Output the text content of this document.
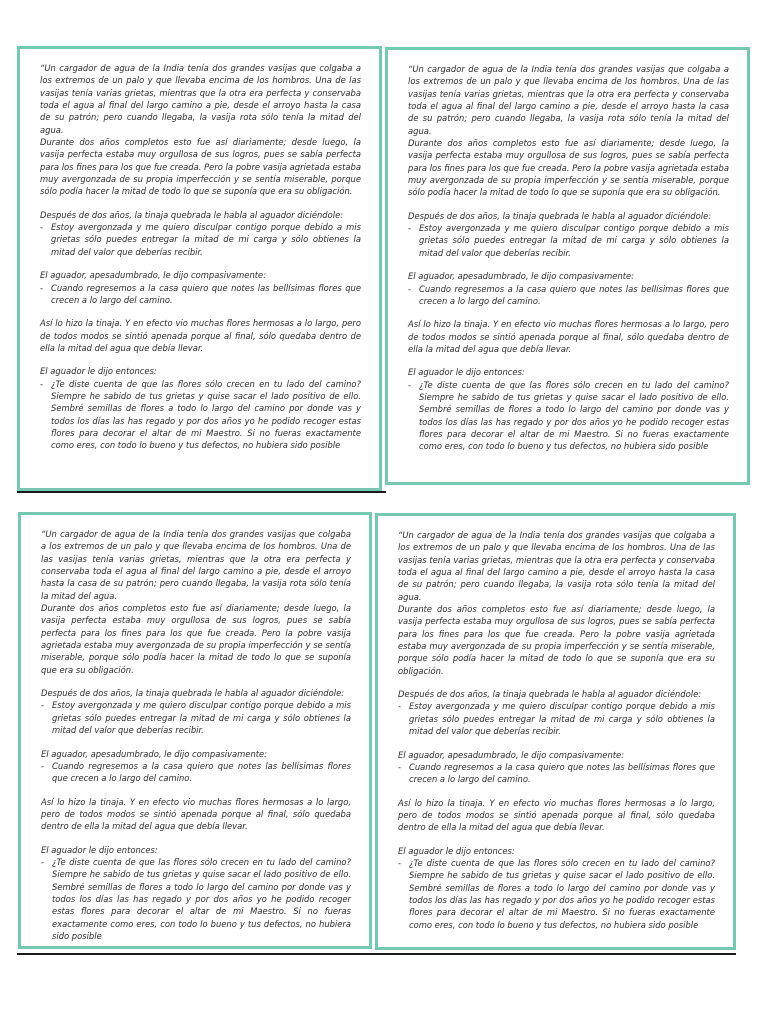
“Un cargador de agua de la India tenía dos grandes vasijas que colgaba a los extremos de un palo y que llevaba encima de los hombros. Una de las vasijas tenía varias grietas, mientras que la otra era perfecta y conservaba toda el agua al final del largo camino a pie, desde el arroyo hasta la casa de su patrón; pero cuando llegaba, la vasija rota sólo tenía la mitad del agua.

Durante dos años completos esto fue así diariamente; desde luego, la vasija perfecta estaba muy orgullosa de sus logros, pues se sabía perfecta para los fines para los que fue creada. Pero la pobre vasija agrietada estaba muy avergonzada de su propia imperfección y se sentía miserable, porque sólo podía hacer la mitad de todo lo que se suponía que era su obligación.

Después de dos años, la tinaja quebrada le habla al aguador diciéndole:

- Estoy avergonzada y me quiero disculpar contigo porque debido a mis grietas sólo puedes entregar la mitad de mi carga y sólo obtienes la mitad del valor que deberías recibir.

El aguador, apesadumbrado, le dijo compasivamente:

- Cuando regresemos a la casa quiero que notes las bellísimas flores que crecen a lo largo del camino.

Así lo hizo la tinaja. Y en efecto vio muchas flores hermosas a lo largo, pero de todos modos se sintió apenada porque al final, sólo quedaba dentro de ella la mitad del agua que debía llevar.

El aguador le dijo entonces:

- ¿Te diste cuenta de que las flores sólo crecen en tu lado del camino? Siempre he sabido de tus grietas y quise sacar el lado positivo de ello. Sembré semillas de flores a todo lo largo del camino por donde vas y todos los días las has regado y por dos años yo he podido recoger estas flores para decorar el altar de mi Maestro. Si no fueras exactamente como eres, con todo lo bueno y tus defectos, no hubiera sido posible

“Un cargador de agua de la India tenía dos grandes vasijas que colgaba a los extremos de un palo y que llevaba encima de los hombros. Una de las vasijas tenía varias grietas, mientras que la otra era perfecta y conservaba toda el agua al final del largo camino a pie, desde el arroyo hasta la casa de su patrón; pero cuando llegaba, la vasija rota sólo tenía la mitad del agua.

Durante dos años completos esto fue así diariamente; desde luego, la vasija perfecta estaba muy orgullosa de sus logros, pues se sabía perfecta para los fines para los que fue creada. Pero la pobre vasija agrietada estaba muy avergonzada de su propia imperfección y se sentía miserable, porque sólo podía hacer la mitad de todo lo que se suponía que era su obligación.

Después de dos años, la tinaja quebrada le habla al aguador diciéndole:

- Estoy avergonzada y me quiero disculpar contigo porque debido a mis grietas sólo puedes entregar la mitad de mi carga y sólo obtienes la mitad del valor que deberías recibir.

El aguador, apesadumbrado, le dijo compasivamente:

- Cuando regresemos a la casa quiero que notes las bellísimas flores que crecen a lo largo del camino.

Así lo hizo la tinaja. Y en efecto vio muchas flores hermosas a lo largo, pero de todos modos se sintió apenada porque al final, sólo quedaba dentro de ella la mitad del agua que debía llevar.

El aguador le dijo entonces:

- ¿Te diste cuenta de que las flores sólo crecen en tu lado del camino? Siempre he sabido de tus grietas y quise sacar el lado positivo de ello. Sembré semillas de flores a todo lo largo del camino por donde vas y todos los días las has regado y por dos años yo he podido recoger estas flores para decorar el altar de mi Maestro. Si no fueras exactamente como eres, con todo lo bueno y tus defectos, no hubiera sido posible

“Un cargador de agua de la India tenía dos grandes vasijas que colgaba a los extremos de un palo y que llevaba encima de los hombros. Una de las vasijas tenía varias grietas, mientras que la otra era perfecta y conservaba toda el agua al final del largo camino a pie, desde el arroyo hasta la casa de su patrón; pero cuando llegaba, la vasija rota sólo tenía la mitad del agua.

Durante dos años completos esto fue así diariamente; desde luego, la vasija perfecta estaba muy orgullosa de sus logros, pues se sabía perfecta para los fines para los que fue creada. Pero la pobre vasija agrietada estaba muy avergonzada de su propia imperfección y se sentía miserable, porque sólo podía hacer la mitad de todo lo que se suponía que era su obligación.

Después de dos años, la tinaja quebrada le habla al aguador diciéndole:

- Estoy avergonzada y me quiero disculpar contigo porque debido a mis grietas sólo puedes entregar la mitad de mi carga y sólo obtienes la mitad del valor que deberías recibir.

El aguador, apesadumbrado, le dijo compasivamente:

- Cuando regresemos a la casa quiero que notes las bellísimas flores que crecen a lo largo del camino.

Así lo hizo la tinaja. Y en efecto vio muchas flores hermosas a lo largo, pero de todos modos se sintió apenada porque al final, sólo quedaba dentro de ella la mitad del agua que debía llevar.

El aguador le dijo entonces:

- ¿Te diste cuenta de que las flores sólo crecen en tu lado del camino? Siempre he sabido de tus grietas y quise sacar el lado positivo de ello. Sembré semillas de flores a todo lo largo del camino por donde vas y todos los días las has regado y por dos años yo he podido recoger estas flores para decorar el altar de mi Maestro. Si no fueras exactamente como eres, con todo lo bueno y tus defectos, no hubiera sido posible

“Un cargador de agua de la India tenía dos grandes vasijas que colgaba a los extremos de un palo y que llevaba encima de los hombros. Una de las vasijas tenía varias grietas, mientras que la otra era perfecta y conservaba toda el agua al final del largo camino a pie, desde el arroyo hasta la casa de su patrón; pero cuando llegaba, la vasija rota sólo tenía la mitad del agua.

Durante dos años completos esto fue así diariamente; desde luego, la vasija perfecta estaba muy orgullosa de sus logros, pues se sabía perfecta para los fines para los que fue creada. Pero la pobre vasija agrietada estaba muy avergonzada de su propia imperfección y se sentía miserable, porque sólo podía hacer la mitad de todo lo que se suponía que era su obligación.

Después de dos años, la tinaja quebrada le habla al aguador diciéndole:

- Estoy avergonzada y me quiero disculpar contigo porque debido a mis grietas sólo puedes entregar la mitad de mi carga y sólo obtienes la mitad del valor que deberías recibir.

El aguador, apesadumbrado, le dijo compasivamente:

- Cuando regresemos a la casa quiero que notes las bellísimas flores que crecen a lo largo del camino.

Así lo hizo la tinaja. Y en efecto vio muchas flores hermosas a lo largo, pero de todos modos se sintió apenada porque al final, sólo quedaba dentro de ella la mitad del agua que debía llevar.

El aguador le dijo entonces:

- ¿Te diste cuenta de que las flores sólo crecen en tu lado del camino? Siempre he sabido de tus grietas y quise sacar el lado positivo de ello. Sembré semillas de flores a todo lo largo del camino por donde vas y todos los días las has regado y por dos años yo he podido recoger estas flores para decorar el altar de mi Maestro. Si no fueras exactamente como eres, con todo lo bueno y tus defectos, no hubiera sido posible
